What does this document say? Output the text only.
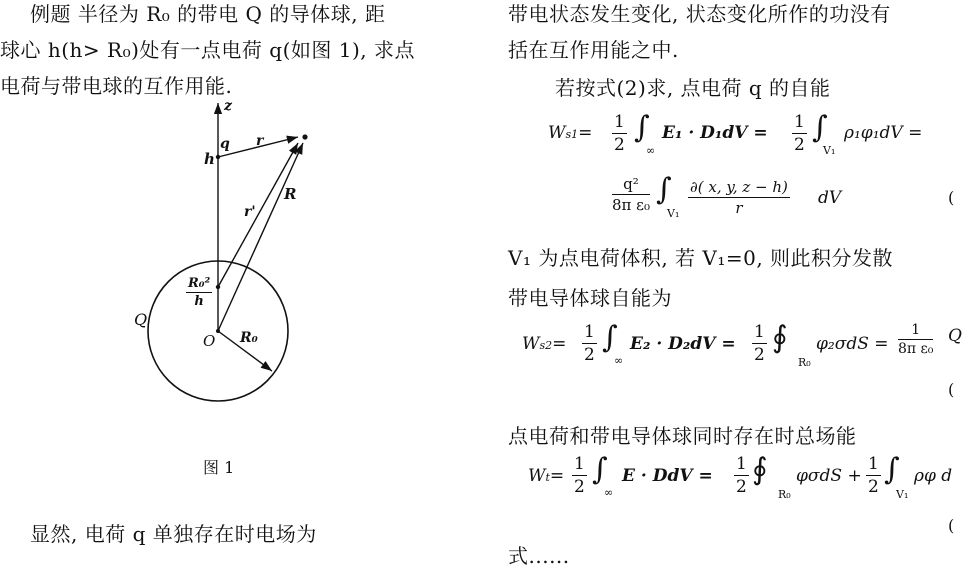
例题 半径为 R₀ 的带电 Q 的导体球, 距
球心 h(h> R₀)处有一点电荷 q(如图 1), 求点
电荷与带电球的互作用能.
z
h
q r
R
r'
$\frac{\text{R₀²}}{h}$
Q
O R₀
图 1
显然, 电荷 q 单独存在时电场为
带电状态发生变化, 状态变化所作的功没有
括在互作用能之中.
若按式(2)求, 点电荷 q 的自能
$Ws1= \frac{1}{2}$ ∫
∞
$E_1 \cdot D_1dV = \frac{1}{2}$ ∫
V₁
ρ₁φ₁dV =
$\frac{\text{q²}}{\text{8π ε₀}}$ ∫
$V_1 \frac{\partial( x, y, z - h)}{r}$ dV	(
V₁ 为点电荷体积, 若 V₁=0, 则此积分发散
带电导体球自能为
$Ws2= \frac{1}{2}$ ∫
∞
$E_2 \cdot D_2dV = \frac{1}{2}$ ∮
R₀
$\varphi_2\sigma dS = \frac{1}{\text{8π ε₀}}$ Q
(
点电荷和带电导体球同时存在时总场能
$Wt= \frac{1}{2}$ ∫
∞
E · DdV = $\frac{1}{2}$ ∮
R₀
$\varphi\sigma dS + \frac{1}{2}$ ∫
V₁
ρφ d
(
式......
